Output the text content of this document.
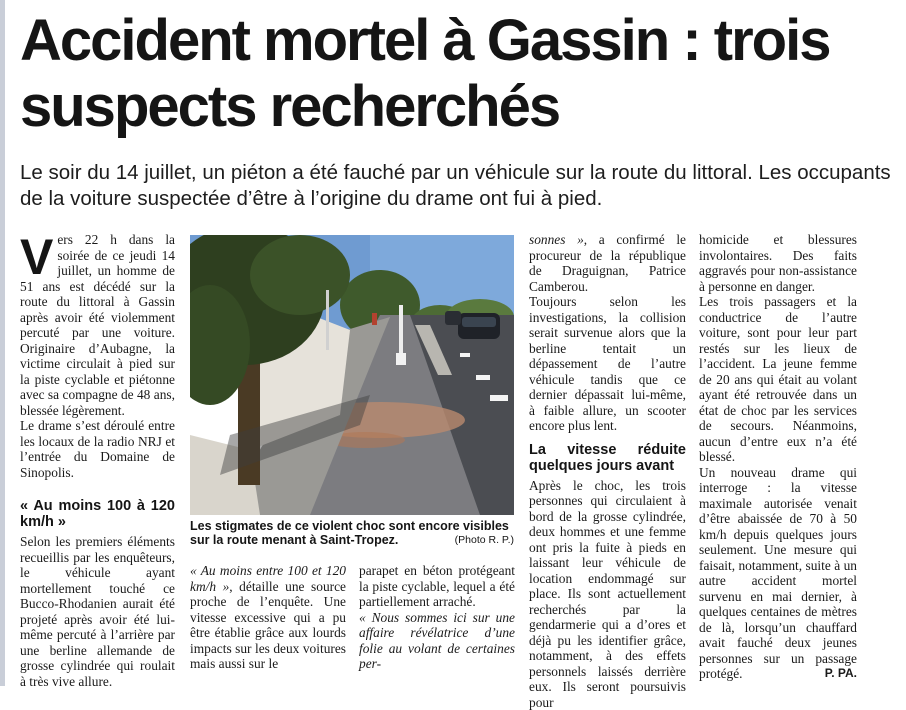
Accident mortel à Gassin : trois suspects recherchés

Le soir du 14 juillet, un piéton a été fauché par un véhicule sur la route du littoral. Les occupants de la voiture suspectée d’être à l’origine du drame ont fui à pied.

Vers 22 h dans la soirée de ce jeudi 14 juillet, un homme de 51 ans est décédé sur la route du littoral à Gassin après avoir été violemment percuté par une voiture. Originaire d’Aubagne, la victime circulait à pied sur la piste cyclable et piétonne avec sa compagne de 48 ans, blessée légèrement.

Le drame s’est déroulé entre les locaux de la radio NRJ et l’entrée du Domaine de Sinopolis.

« Au moins 100 à 120 km/h »

Selon les premiers éléments recueillis par les enquêteurs, le véhicule ayant mortellement touché ce Bucco-Rhodanien aurait été projeté après avoir été lui-même percuté à l’arrière par une berline allemande de grosse cylindrée qui roulait à très vive allure.

Les stigmates de ce violent choc sont encore visibles sur la route menant à Saint-Tropez.	(Photo R. P.)

« Au moins entre 100 et 120 km/h », détaille une source proche de l’enquête. Une vitesse excessive qui a pu être établie grâce aux lourds impacts sur les deux voitures mais aussi sur le

parapet en béton protégeant la piste cyclable, lequel a été partiellement arraché.

« Nous sommes ici sur une affaire révélatrice d’une folie au volant de certaines per-

sonnes », a confirmé le procureur de la république de Draguignan, Patrice Camberou.

Toujours selon les investigations, la collision serait survenue alors que la berline tentait un dépassement de l’autre véhicule tandis que ce dernier dépassait lui-même, à faible allure, un scooter encore plus lent.

La vitesse réduite quelques jours avant

Après le choc, les trois personnes qui circulaient à bord de la grosse cylindrée, deux hommes et une femme ont pris la fuite à pieds en laissant leur véhicule de location endommagé sur place. Ils sont actuellement recherchés par la gendarmerie qui a d’ores et déjà pu les identifier grâce, notamment, à des effets personnels laissés derrière eux. Ils seront poursuivis pour

homicide et blessures involontaires. Des faits aggravés pour non-assistance à personne en danger.

Les trois passagers et la conductrice de l’autre voiture, sont pour leur part restés sur les lieux de l’accident. La jeune femme de 20 ans qui était au volant ayant été retrouvée dans un état de choc par les services de secours. Néanmoins, aucun d’entre eux n’a été blessé.

Un nouveau drame qui interroge : la vitesse maximale autorisée venait d’être abaissée de 70 à 50 km/h depuis quelques jours seulement. Une mesure qui faisait, notamment, suite à un autre accident mortel survenu en mai dernier, à quelques centaines de mètres de là, lorsqu’un chauffard avait fauché deux jeunes personnes sur un passage protégé.	P. PA.
